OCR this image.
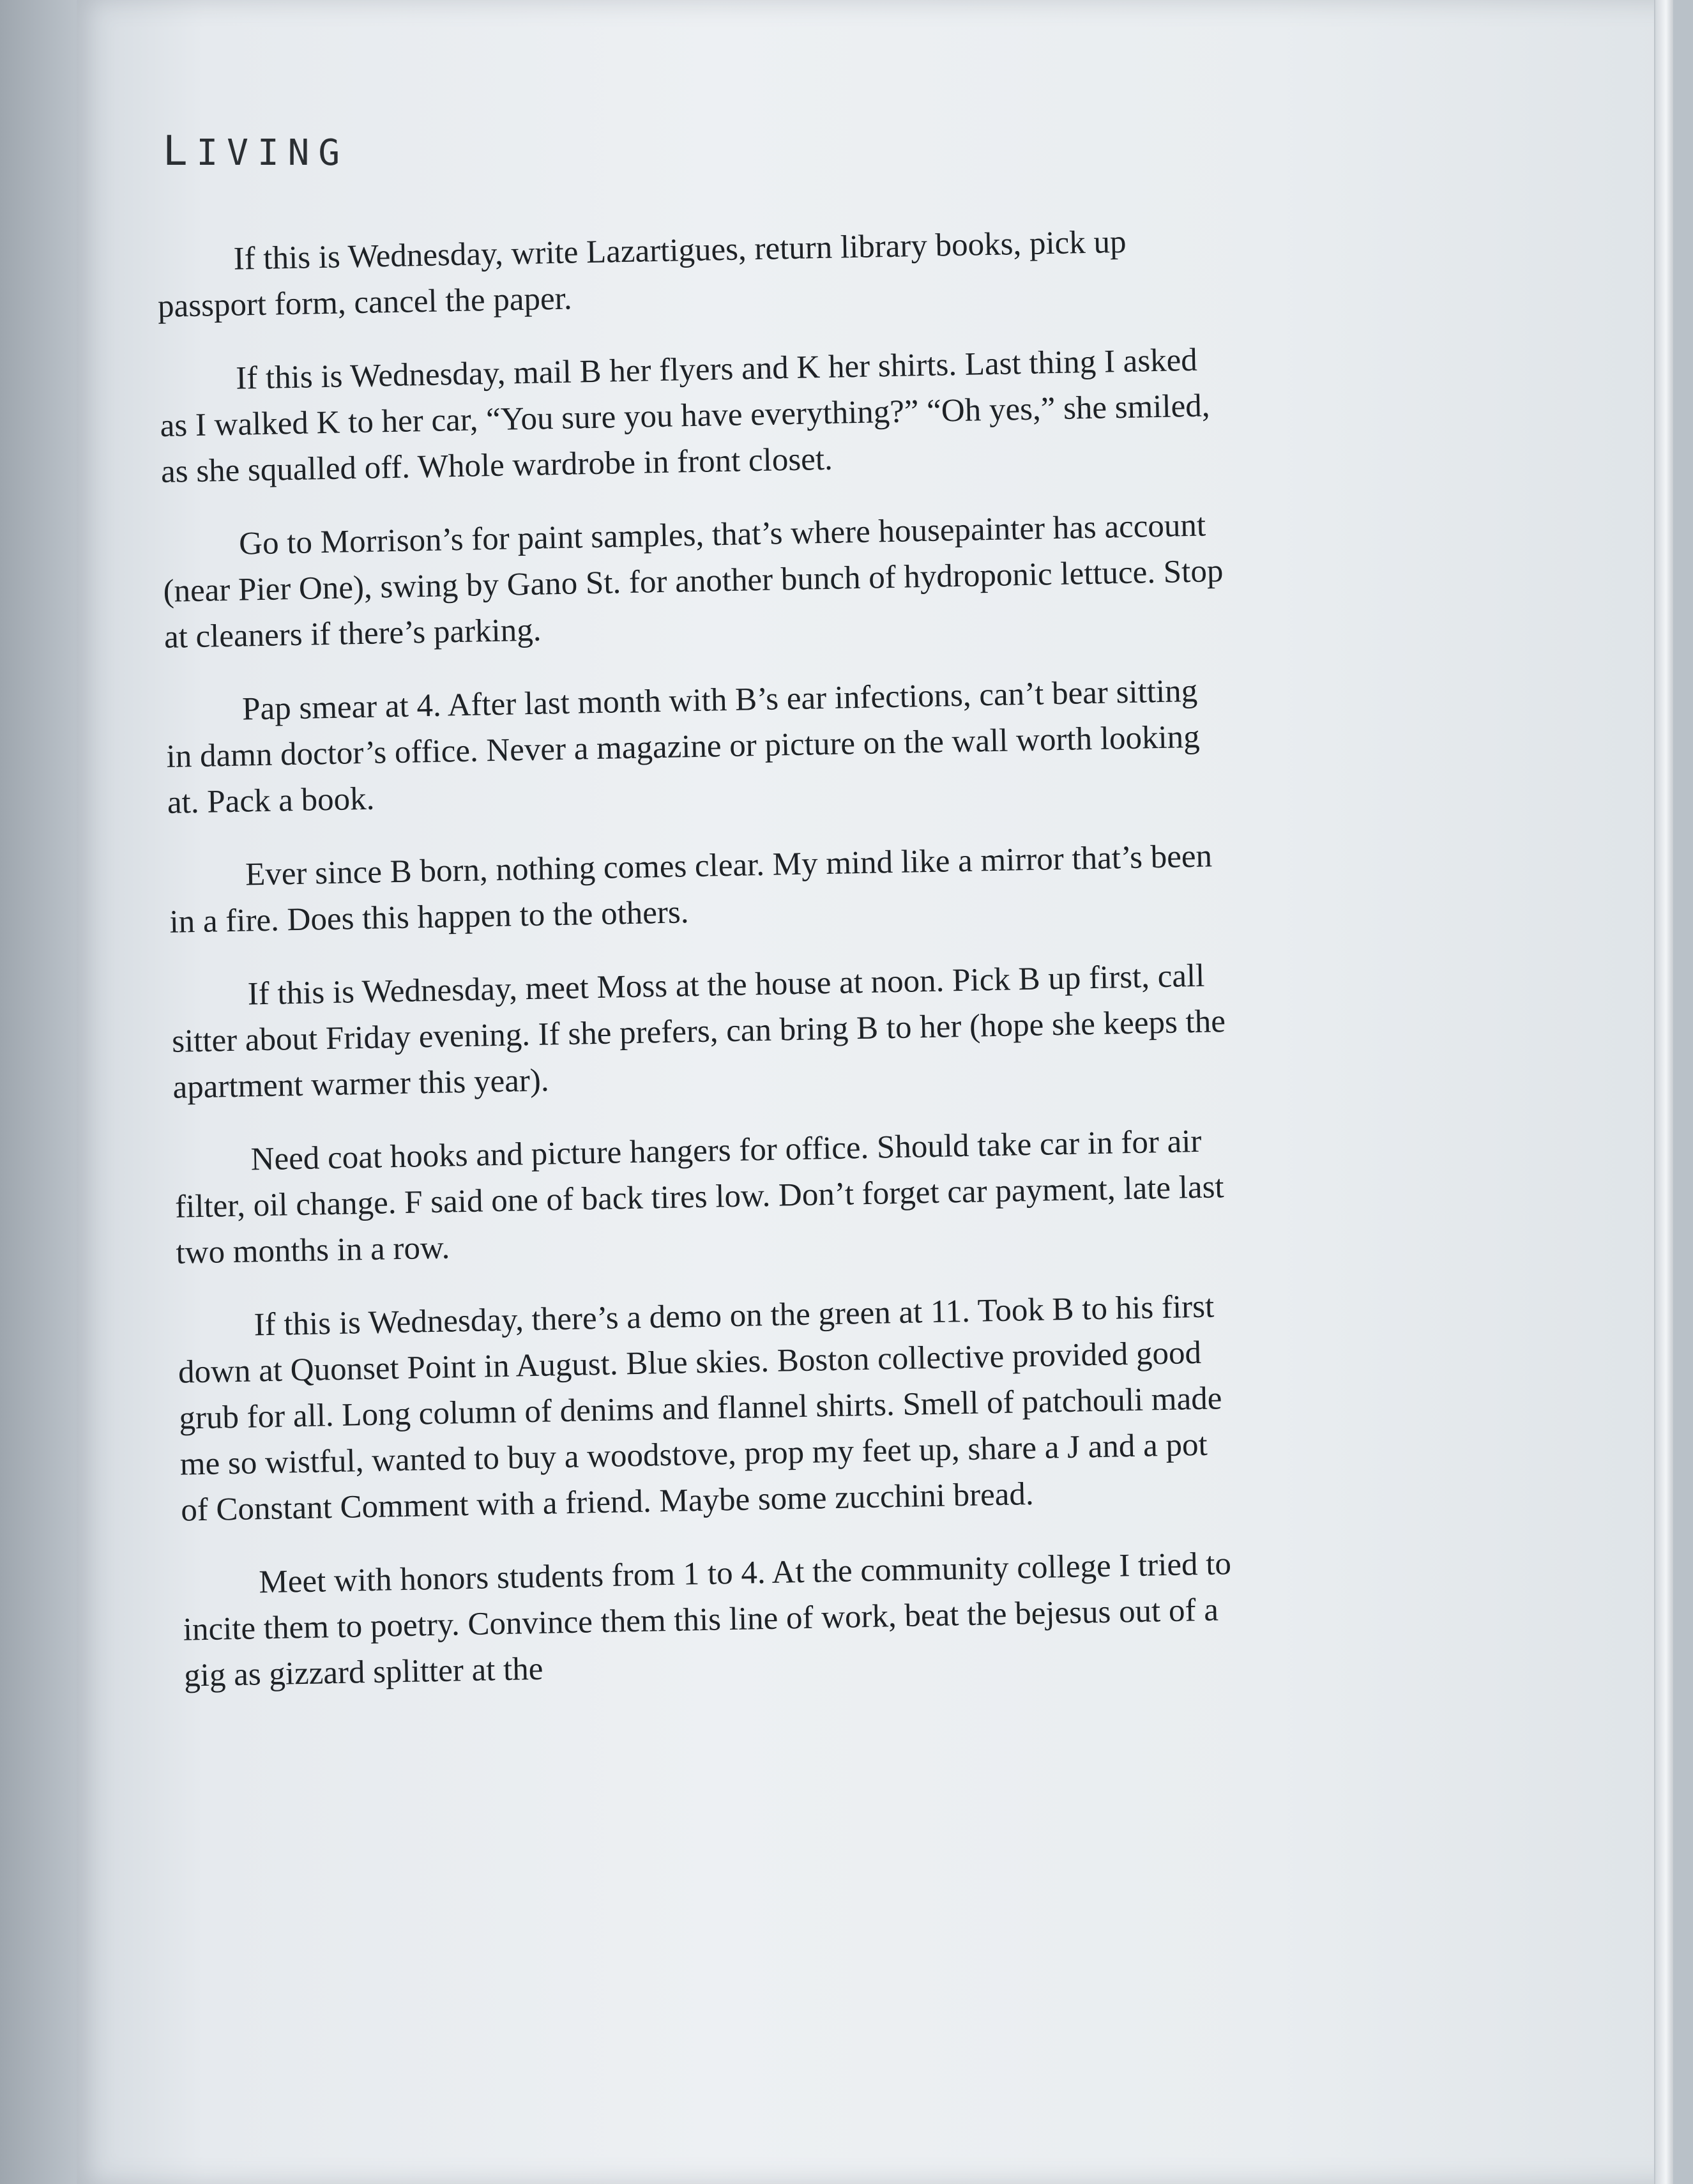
LIVING

If this is Wednesday, write Lazartigues, return library books, pick up passport form, cancel the paper.

If this is Wednesday, mail B her flyers and K her shirts. Last thing I asked as I walked K to her car, “You sure you have everything?” “Oh yes,” she smiled, as she squalled off. Whole wardrobe in front closet.

Go to Morrison’s for paint samples, that’s where housepainter has account (near Pier One), swing by Gano St. for another bunch of hydroponic lettuce. Stop at cleaners if there’s parking.

Pap smear at 4. After last month with B’s ear infections, can’t bear sitting in damn doctor’s office. Never a magazine or picture on the wall worth looking at. Pack a book.

Ever since B born, nothing comes clear. My mind like a mirror that’s been in a fire. Does this happen to the others.

If this is Wednesday, meet Moss at the house at noon. Pick B up first, call sitter about Friday evening. If she prefers, can bring B to her (hope she keeps the apartment warmer this year).

Need coat hooks and picture hangers for office. Should take car in for air filter, oil change. F said one of back tires low. Don’t forget car payment, late last two months in a row.

If this is Wednesday, there’s a demo on the green at 11. Took B to his first down at Quonset Point in August. Blue skies. Boston collective provided good grub for all. Long column of denims and flannel shirts. Smell of patchouli made me so wistful, wanted to buy a woodstove, prop my feet up, share a J and a pot of Constant Comment with a friend. Maybe some zucchini bread.

Meet with honors students from 1 to 4. At the community college I tried to incite them to poetry. Convince them this line of work, beat the bejesus out of a gig as gizzard splitter at the
